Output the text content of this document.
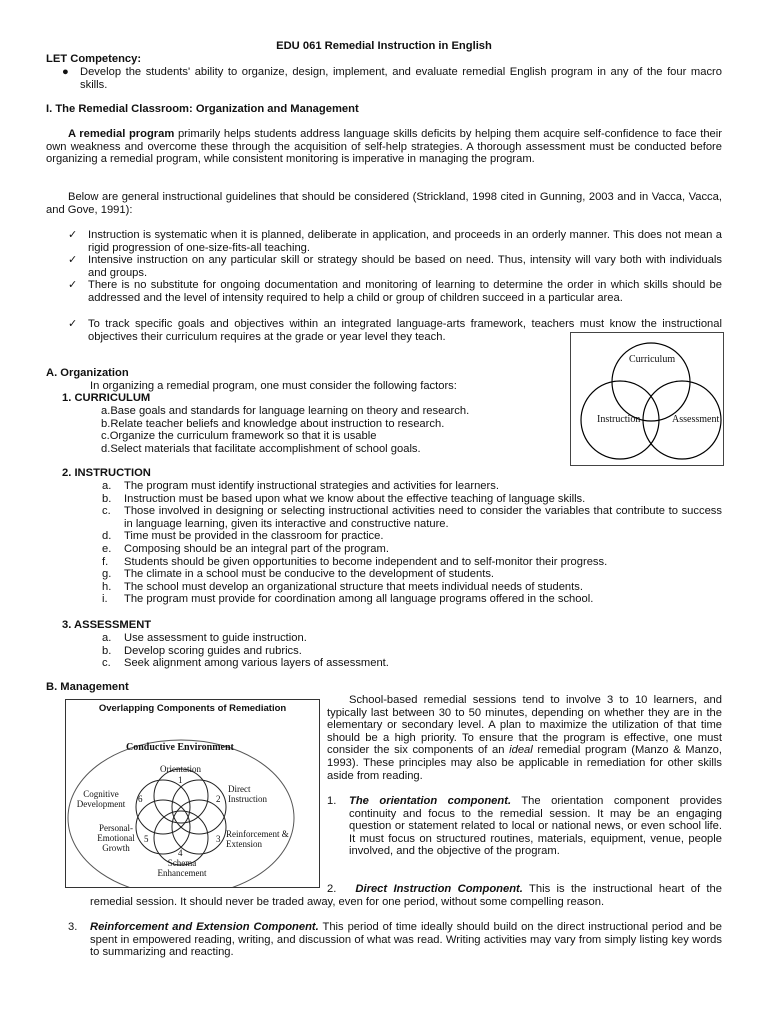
EDU 061 Remedial Instruction in English
LET Competency:
●	Develop the students' ability to organize, design, implement, and evaluate remedial English program in any of the four macro skills.
I. The Remedial Classroom: Organization and Management
A remedial program primarily helps students address language skills deficits by helping them acquire self-confidence to face their own weakness and overcome these through the acquisition of self-help strategies. A thorough assessment must be conducted before organizing a remedial program, while consistent monitoring is imperative in managing the program.
Below are general instructional guidelines that should be considered (Strickland, 1998 cited in Gunning, 2003 and in Vacca, Vacca, and Gove, 1991):
✓ Instruction is systematic when it is planned, deliberate in application, and proceeds in an orderly manner. This does not mean a rigid progression of one-size-fits-all teaching.
✓ Intensive instruction on any particular skill or strategy should be based on need. Thus, intensity will vary both with individuals and groups.
✓ There is no substitute for ongoing documentation and monitoring of learning to determine the order in which skills should be addressed and the level of intensity required to help a child or group of children succeed in a particular area.
✓ To track specific goals and objectives within an integrated language-arts framework, teachers must know the instructional objectives their curriculum requires at the grade or year level they teach.
Curriculum
Instruction	Assessment
A. Organization
In organizing a remedial program, one must consider the following factors:
1. CURRICULUM
a. Base goals and standards for language learning on theory and research.
b. Relate teacher beliefs and knowledge about instruction to research.
c. Organize the curriculum framework so that it is usable
d. Select materials that facilitate accomplishment of school goals.
2. INSTRUCTION
a.	The program must identify instructional strategies and activities for learners.
b.	Instruction must be based upon what we know about the effective teaching of language skills.
c.	Those involved in designing or selecting instructional activities need to consider the variables that contribute to success in language learning, given its interactive and constructive nature.
d.	Time must be provided in the classroom for practice.
e.	Composing should be an integral part of the program.
f.	Students should be given opportunities to become independent and to self-monitor their progress.
g.	The climate in a school must be conducive to the development of students.
h.	The school must develop an organizational structure that meets individual needs of students.
i.	The program must provide for coordination among all language programs offered in the school.
3. ASSESSMENT
a.	Use assessment to guide instruction.
b.	Develop scoring guides and rubrics.
c.	Seek alignment among various layers of assessment.
B. Management
Overlapping Components of Remediation
Conductive Environment
Orientation
Direct Instruction
Reinforcement & Extension
Schema Enhancement
Personal-Emotional Growth
Cognitive Development
1
2
3
4
5
6
School-based remedial sessions tend to involve 3 to 10 learners, and typically last between 30 to 50 minutes, depending on whether they are in the elementary or secondary level. A plan to maximize the utilization of that time should be a high priority. To ensure that the program is effective, one must consider the six components of an ideal remedial program (Manzo & Manzo, 1993). These principles may also be applicable in remediation for other skills aside from reading.
1.	The orientation component. The orientation component provides continuity and focus to the remedial session. It may be an engaging question or statement related to local or national news, or even school life. It must focus on structured routines, materials, equipment, venue, people involved, and the objective of the program.
2. Direct Instruction Component. This is the instructional heart of the remedial session. It should never be traded away, even for one period, without some compelling reason.
3. Reinforcement and Extension Component. This period of time ideally should build on the direct instructional period and be spent in empowered reading, writing, and discussion of what was read. Writing activities may vary from simply listing key words to summarizing and reacting.
